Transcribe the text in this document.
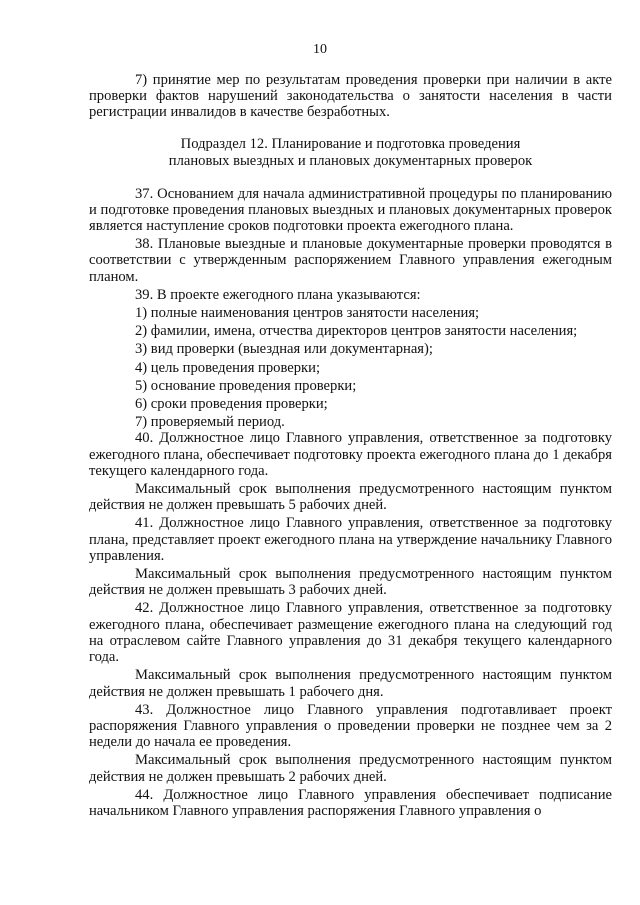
10

7) принятие мер по результатам проведения проверки при наличии в акте проверки фактов нарушений законодательства о занятости населения в части регистрации инвалидов в качестве безработных.

Подраздел 12. Планирование и подготовка проведения
плановых выездных и плановых документарных проверок

37. Основанием для начала административной процедуры по планированию и подготовке проведения плановых выездных и плановых документарных проверок является наступление сроков подготовки проекта ежегодного плана.

38. Плановые выездные и плановые документарные проверки проводятся в соответствии с утвержденным распоряжением Главного управления ежегодным планом.

39. В проекте ежегодного плана указываются:

1) полные наименования центров занятости населения;

2) фамилии, имена, отчества директоров центров занятости населения;

3) вид проверки (выездная или документарная);

4) цель проведения проверки;

5) основание проведения проверки;

6) сроки проведения проверки;

7) проверяемый период.

40. Должностное лицо Главного управления, ответственное за подготовку ежегодного плана, обеспечивает подготовку проекта ежегодного плана до 1 декабря текущего календарного года.

Максимальный срок выполнения предусмотренного настоящим пунктом действия не должен превышать 5 рабочих дней.

41. Должностное лицо Главного управления, ответственное за подготовку плана, представляет проект ежегодного плана на утверждение начальнику Главного управления.

Максимальный срок выполнения предусмотренного настоящим пунктом действия не должен превышать 3 рабочих дней.

42. Должностное лицо Главного управления, ответственное за подготовку ежегодного плана, обеспечивает размещение ежегодного плана на следующий год на отраслевом сайте Главного управления до 31 декабря текущего календарного года.

Максимальный срок выполнения предусмотренного настоящим пунктом действия не должен превышать 1 рабочего дня.

43. Должностное лицо Главного управления подготавливает проект распоряжения Главного управления о проведении проверки не позднее чем за 2 недели до начала ее проведения.

Максимальный срок выполнения предусмотренного настоящим пунктом действия не должен превышать 2 рабочих дней.

44. Должностное лицо Главного управления обеспечивает подписание начальником Главного управления распоряжения Главного управления о
